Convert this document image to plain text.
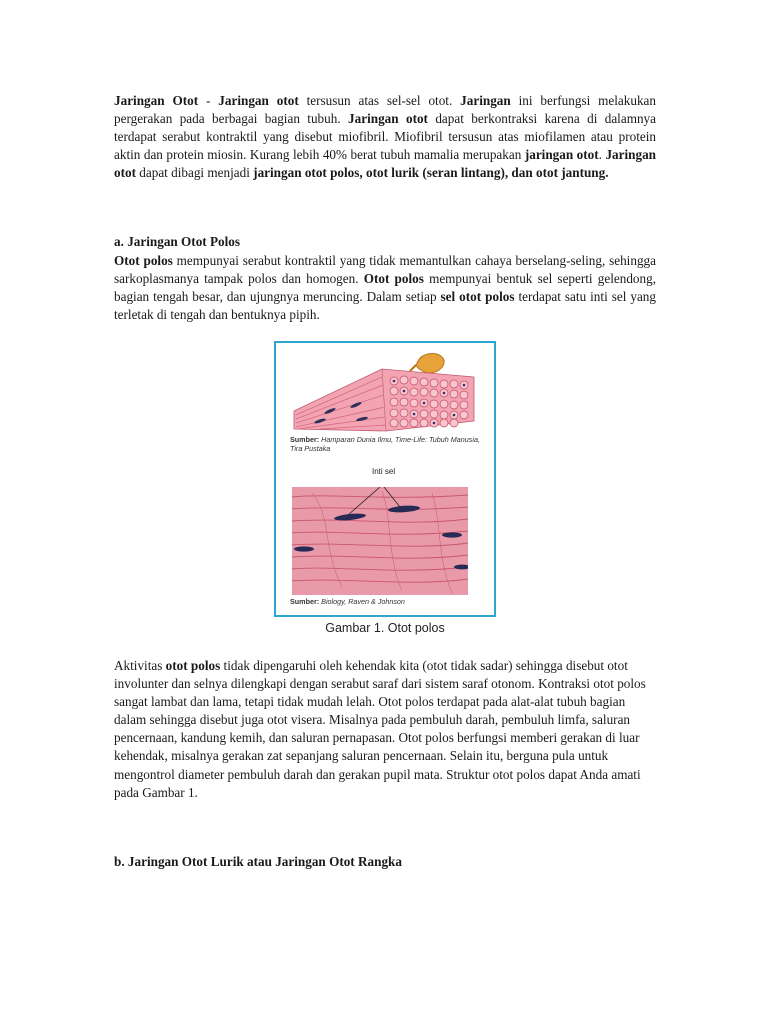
Jaringan Otot - Jaringan otot tersusun atas sel-sel otot. Jaringan ini berfungsi melakukan pergerakan pada berbagai bagian tubuh. Jaringan otot dapat berkontraksi karena di dalamnya terdapat serabut kontraktil yang disebut miofibril. Miofibril tersusun atas miofilamen atau protein aktin dan protein miosin. Kurang lebih 40% berat tubuh mamalia merupakan jaringan otot. Jaringan otot dapat dibagi menjadi jaringan otot polos, otot lurik (seran lintang), dan otot jantung.

a. Jaringan Otot Polos

Otot polos mempunyai serabut kontraktil yang tidak memantulkan cahaya berselang-seling, sehingga sarkoplasmanya tampak polos dan homogen. Otot polos mempunyai bentuk sel seperti gelendong, bagian tengah besar, dan ujungnya meruncing. Dalam setiap sel otot polos terdapat satu inti sel yang terletak di tengah dan bentuknya pipih.

Sumber: Hamparan Dunia Ilmu, Time-Life: Tubuh Manusia, Tira Pustaka
Inti sel
Sumber: Biology, Raven & Johnson
Gambar 1. Otot polos

Aktivitas otot polos tidak dipengaruhi oleh kehendak kita (otot tidak sadar) sehingga disebut otot involunter dan selnya dilengkapi dengan serabut saraf dari sistem saraf otonom. Kontraksi otot polos sangat lambat dan lama, tetapi tidak mudah lelah. Otot polos terdapat pada alat-alat tubuh bagian dalam sehingga disebut juga otot visera. Misalnya pada pembuluh darah, pembuluh limfa, saluran pencernaan, kandung kemih, dan saluran pernapasan. Otot polos berfungsi memberi gerakan di luar kehendak, misalnya gerakan zat sepanjang saluran pencernaan. Selain itu, berguna pula untuk mengontrol diameter pembuluh darah dan gerakan pupil mata. Struktur otot polos dapat Anda amati pada Gambar 1.

b. Jaringan Otot Lurik atau Jaringan Otot Rangka
